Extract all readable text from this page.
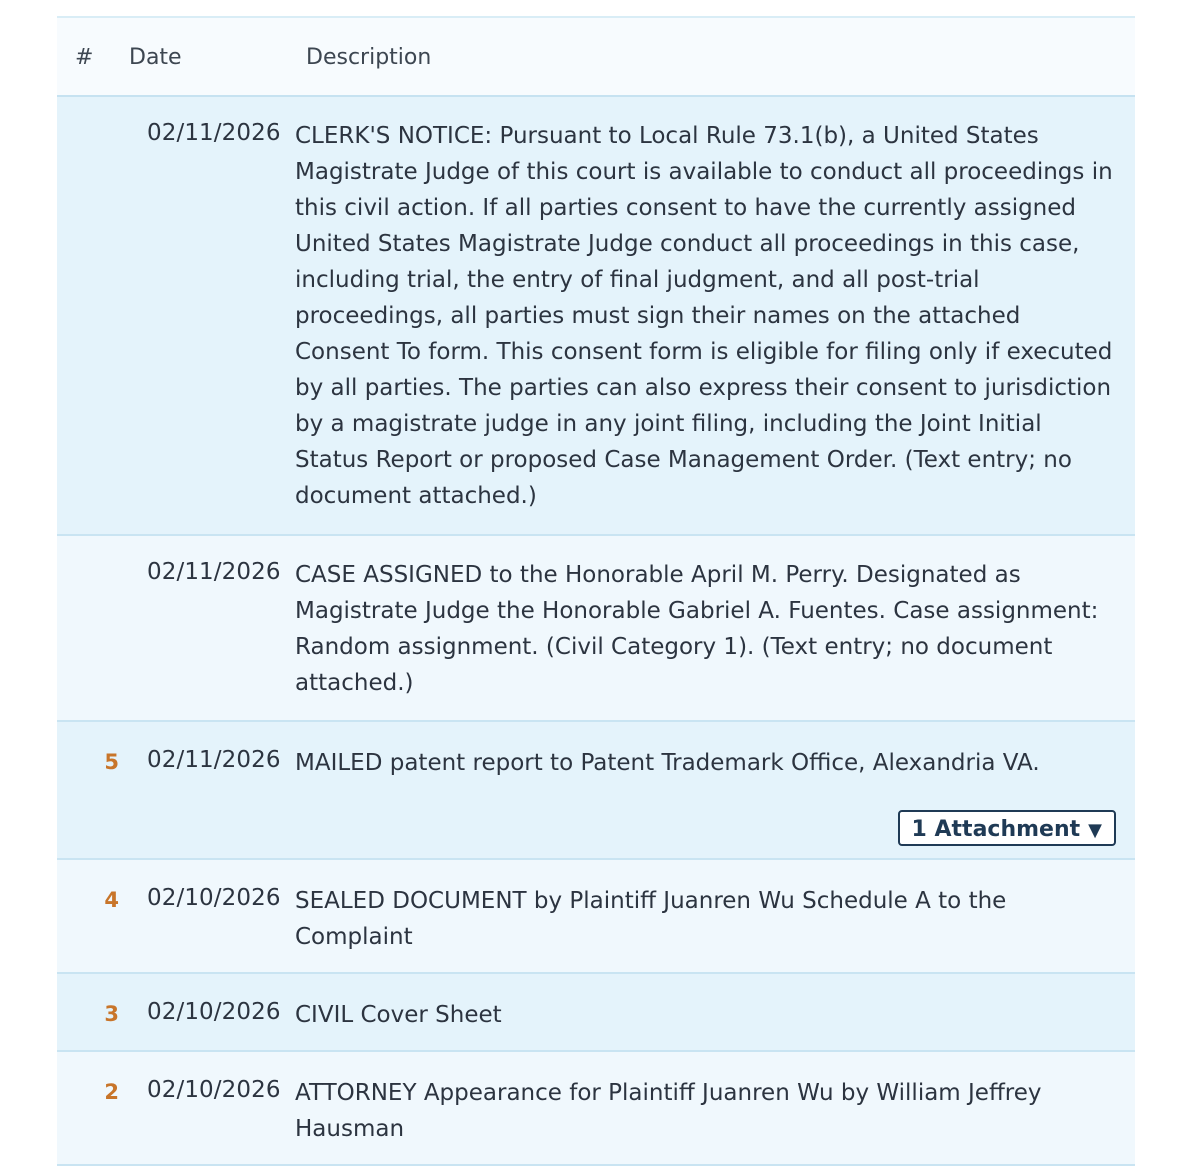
# Date	Description
02/11/2026 CLERK'S NOTICE: Pursuant to Local Rule 73.1(b), a United States Magistrate Judge of this court is available to conduct all proceedings in this civil action. If all parties consent to have the currently assigned United States Magistrate Judge conduct all proceedings in this case, including trial, the entry of final judgment, and all post-trial proceedings, all parties must sign their names on the attached Consent To form. This consent form is eligible for filing only if executed by all parties. The parties can also express their consent to jurisdiction by a magistrate judge in any joint filing, including the Joint Initial Status Report or proposed Case Management Order. (Text entry; no document attached.)
02/11/2026 CASE ASSIGNED to the Honorable April M. Perry. Designated as Magistrate Judge the Honorable Gabriel A. Fuentes. Case assignment: Random assignment. (Civil Category 1). (Text entry; no document attached.)
5 02/11/2026 MAILED patent report to Patent Trademark Office, Alexandria VA.
1 Attachment ▼
4 02/10/2026 SEALED DOCUMENT by Plaintiff Juanren Wu Schedule A to the Complaint
3 02/10/2026 CIVIL Cover Sheet
2 02/10/2026 ATTORNEY Appearance for Plaintiff Juanren Wu by William Jeffrey Hausman
